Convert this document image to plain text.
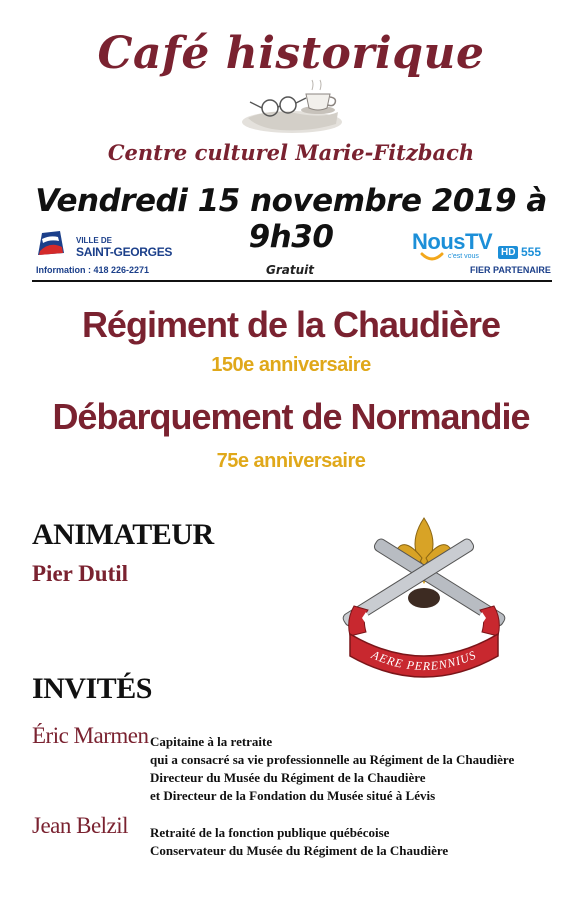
Café historique
Centre culturel Marie-Fitzbach
Vendredi 15 novembre 2019 à 9h30
VILLE DE
SAINT-GEORGES
Information : 418 226-2271	Gratuit
NousTV
c'est vous	HD 555
FIER PARTENAIRE
Régiment de la Chaudière
150e anniversaire
Débarquement de Normandie
75e anniversaire
ANIMATEUR
Pier Dutil
AERE PERENNIUS
INVITÉS
Éric Marmen Capitaine à la retraite
qui a consacré sa vie professionnelle au Régiment de la Chaudière
Directeur du Musée du Régiment de la Chaudière
et Directeur de la Fondation du Musée situé à Lévis
Jean Belzil Retraité de la fonction publique québécoise
Conservateur du Musée du Régiment de la Chaudière
